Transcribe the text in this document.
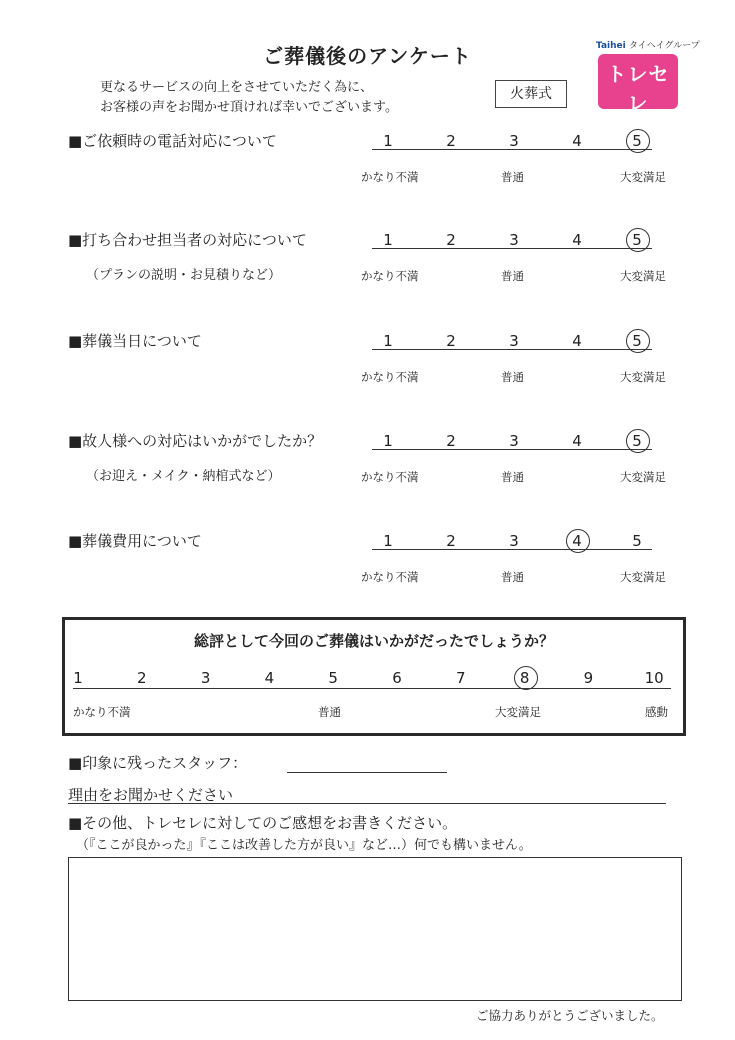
ご葬儀後のアンケート
更なるサービスの向上をさせていただく為に、
お客様の声をお聞かせ頂ければ幸いでございます。
火葬式
Taihei タイヘイグループ
トレセレ
安心葬儀
■ご依頼時の電話対応について	1	2	3	4	5
かなり不満	普通	大変満足
■打ち合わせ担当者の対応について
（プランの説明・お見積りなど）
1	2	3	4	5
かなり不満	普通	大変満足
■葬儀当日について	1	2	3	4	5
かなり不満	普通	大変満足
■故人様への対応はいかがでしたか？
（お迎え・メイク・納棺式など）
1	2	3	4	5
かなり不満	普通	大変満足
■葬儀費用について	1	2	3	4	5
かなり不満	普通	大変満足
総評として今回のご葬儀はいかがだったでしょうか？
1	2	3	4	5	6	7	8	9	10
かなり不満	普通	大変満足	感動
■印象に残ったスタッフ：
理由をお聞かせください
■その他、トレセレに対してのご感想をお書きください。
（『ここが良かった』『ここは改善した方が良い』など…）何でも構いません。
ご協力ありがとうございました。
